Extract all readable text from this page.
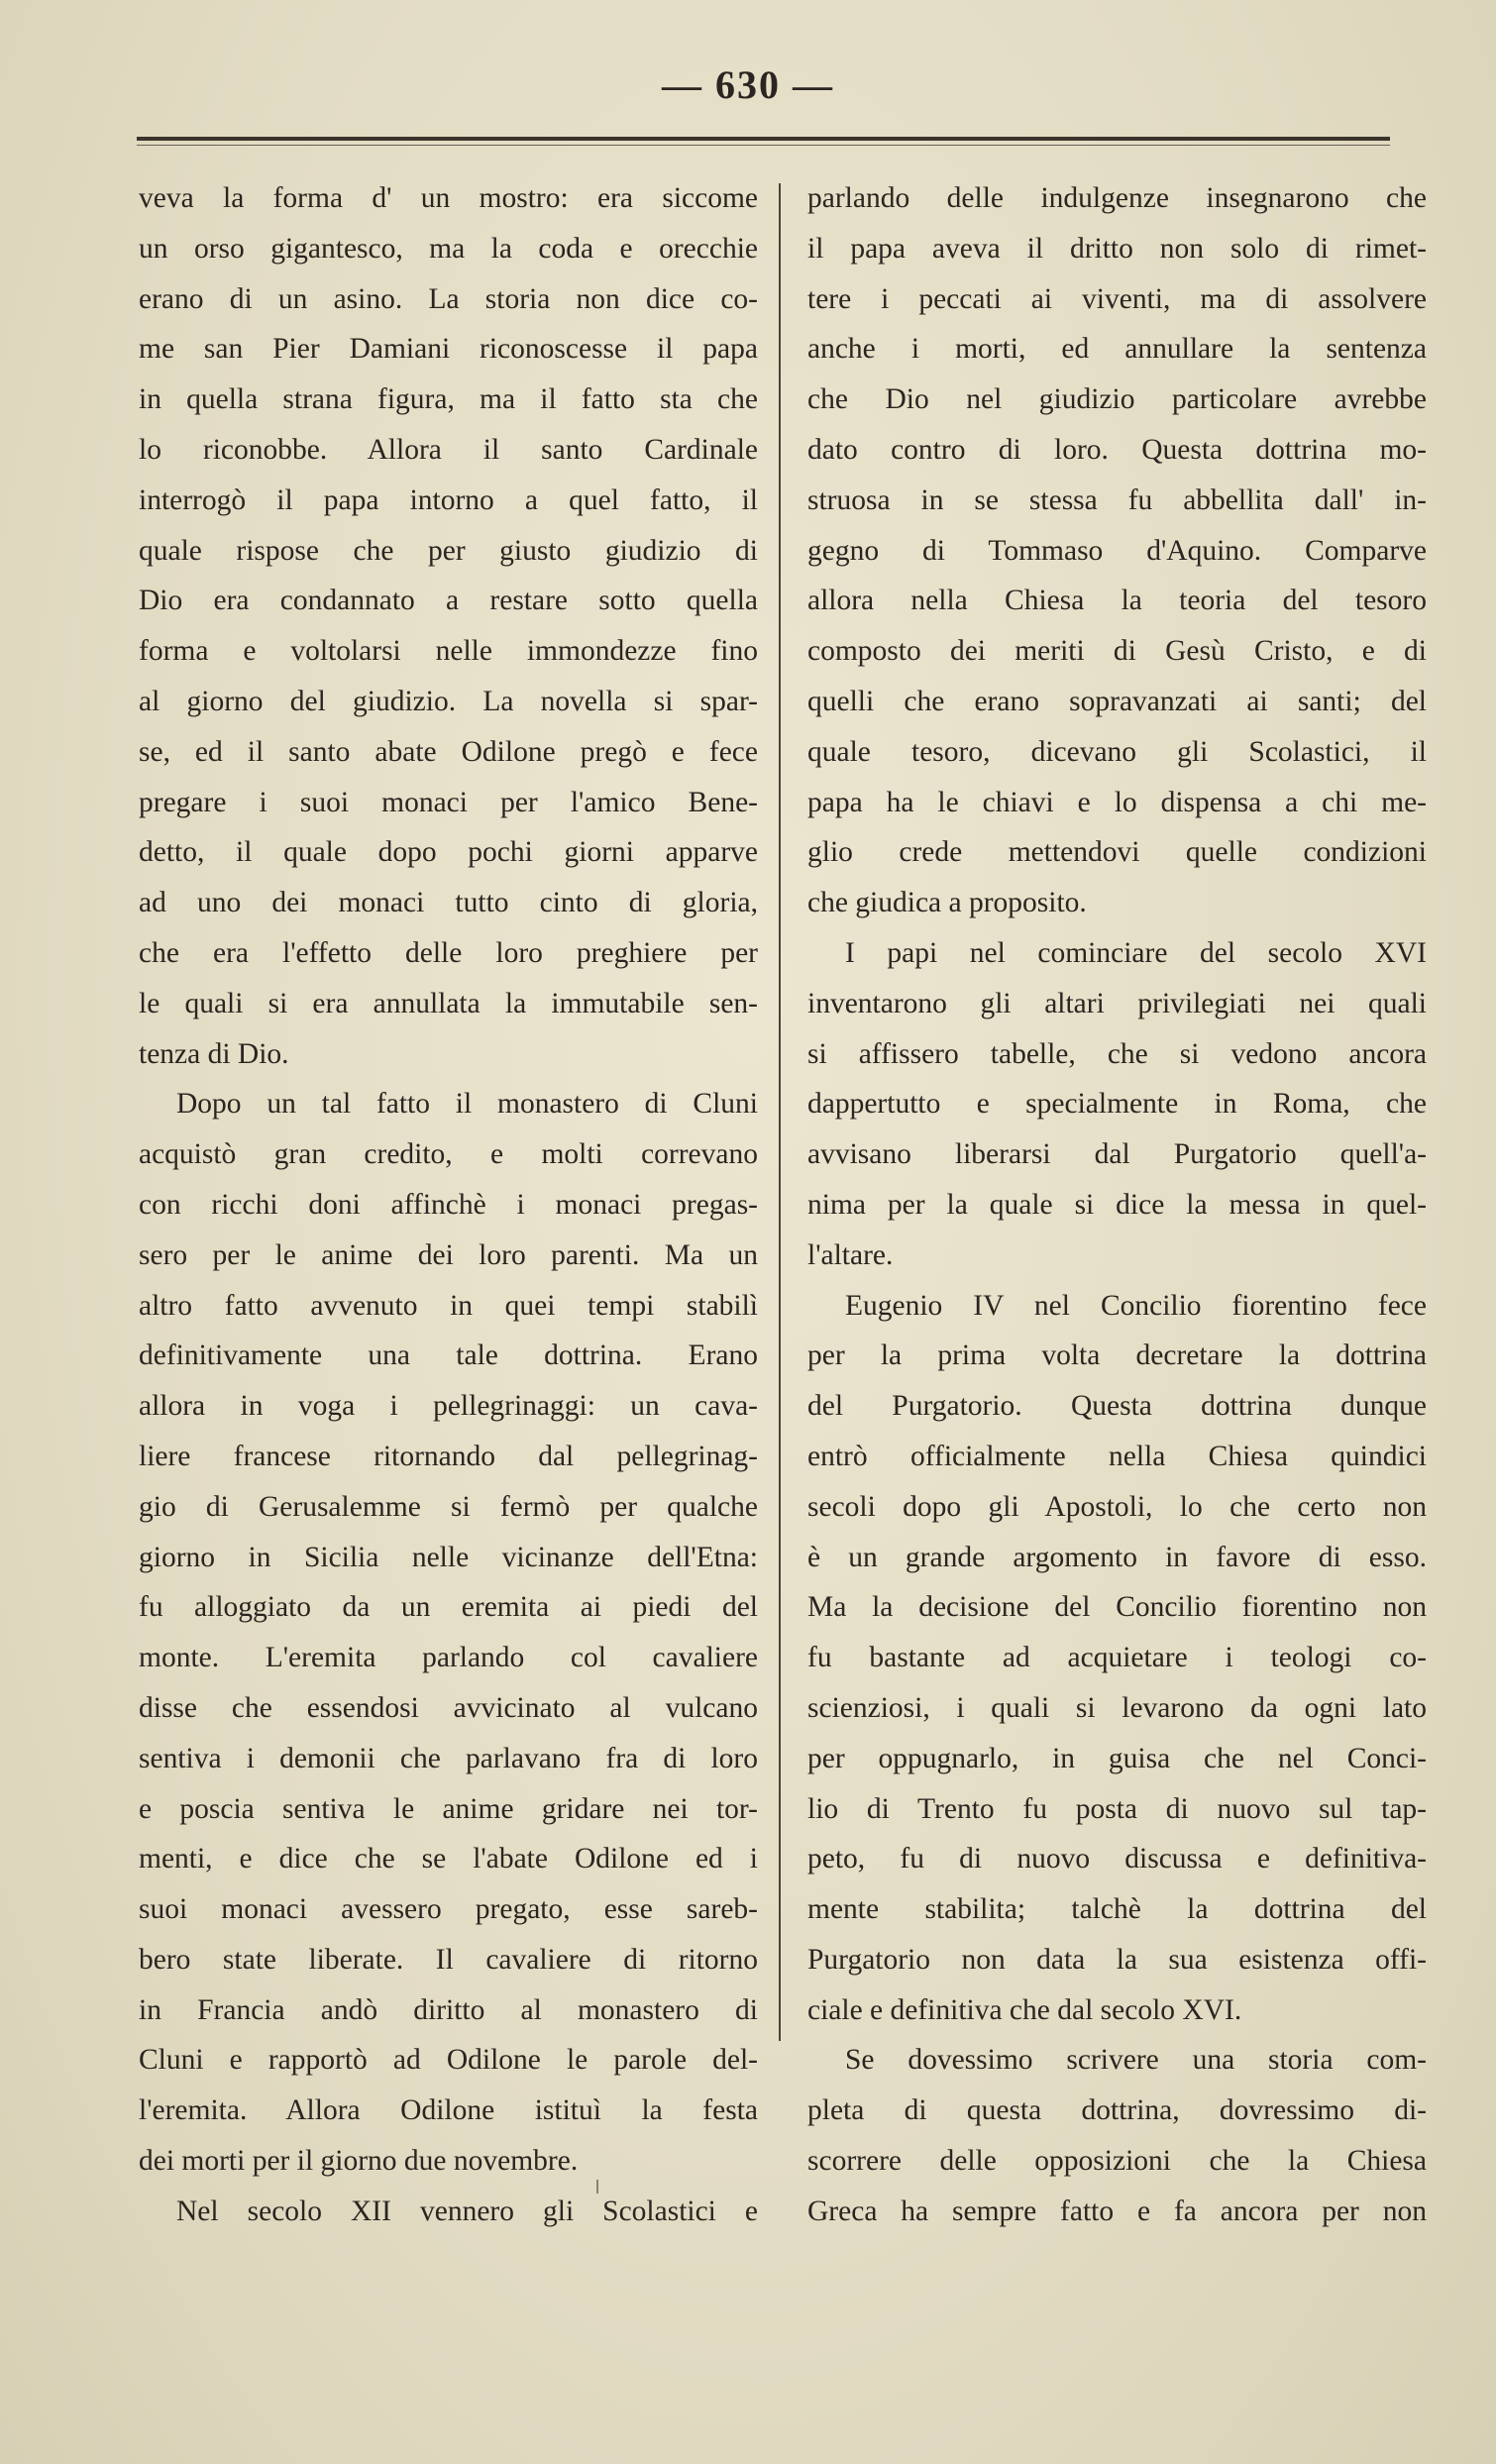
— 630 —
veva la forma d' un mostro: era siccome
un orso gigantesco, ma la coda e orecchie
erano di un asino. La storia non dice co-
me san Pier Damiani riconoscesse il papa
in quella strana figura, ma il fatto sta che
lo riconobbe. Allora il santo Cardinale
interrogò il papa intorno a quel fatto, il
quale rispose che per giusto giudizio di
Dio era condannato a restare sotto quella
forma e voltolarsi nelle immondezze fino
al giorno del giudizio. La novella si spar-
se, ed il santo abate Odilone pregò e fece
pregare i suoi monaci per l'amico Bene-
detto, il quale dopo pochi giorni apparve
ad uno dei monaci tutto cinto di gloria,
che era l'effetto delle loro preghiere per
le quali si era annullata la immutabile sen-
tenza di Dio.
Dopo un tal fatto il monastero di Cluni
acquistò gran credito, e molti correvano
con ricchi doni affinchè i monaci pregas-
sero per le anime dei loro parenti. Ma un
altro fatto avvenuto in quei tempi stabilì
definitivamente una tale dottrina. Erano
allora in voga i pellegrinaggi: un cava-
liere francese ritornando dal pellegrinag-
gio di Gerusalemme si fermò per qualche
giorno in Sicilia nelle vicinanze dell'Etna:
fu alloggiato da un eremita ai piedi del
monte. L'eremita parlando col cavaliere
disse che essendosi avvicinato al vulcano
sentiva i demonii che parlavano fra di loro
e poscia sentiva le anime gridare nei tor-
menti, e dice che se l'abate Odilone ed i
suoi monaci avessero pregato, esse sareb-
bero state liberate. Il cavaliere di ritorno
in Francia andò diritto al monastero di
Cluni e rapportò ad Odilone le parole del-
l'eremita. Allora Odilone istituì la festa
dei morti per il giorno due novembre.
Nel secolo XII vennero gli Scolastici e
parlando delle indulgenze insegnarono che
il papa aveva il dritto non solo di rimet-
tere i peccati ai viventi, ma di assolvere
anche i morti, ed annullare la sentenza
che Dio nel giudizio particolare avrebbe
dato contro di loro. Questa dottrina mo-
struosa in se stessa fu abbellita dall' in-
gegno di Tommaso d'Aquino. Comparve
allora nella Chiesa la teoria del tesoro
composto dei meriti di Gesù Cristo, e di
quelli che erano sopravanzati ai santi; del
quale tesoro, dicevano gli Scolastici, il
papa ha le chiavi e lo dispensa a chi me-
glio crede mettendovi quelle condizioni
che giudica a proposito.
I papi nel cominciare del secolo XVI
inventarono gli altari privilegiati nei quali
si affissero tabelle, che si vedono ancora
dappertutto e specialmente in Roma, che
avvisano liberarsi dal Purgatorio quell'a-
nima per la quale si dice la messa in quel-
l'altare.
Eugenio IV nel Concilio fiorentino fece
per la prima volta decretare la dottrina
del Purgatorio. Questa dottrina dunque
entrò officialmente nella Chiesa quindici
secoli dopo gli Apostoli, lo che certo non
è un grande argomento in favore di esso.
Ma la decisione del Concilio fiorentino non
fu bastante ad acquietare i teologi co-
scienziosi, i quali si levarono da ogni lato
per oppugnarlo, in guisa che nel Conci-
lio di Trento fu posta di nuovo sul tap-
peto, fu di nuovo discussa e definitiva-
mente stabilita; talchè la dottrina del
Purgatorio non data la sua esistenza offi-
ciale e definitiva che dal secolo XVI.
Se dovessimo scrivere una storia com-
pleta di questa dottrina, dovressimo di-
scorrere delle opposizioni che la Chiesa
Greca ha sempre fatto e fa ancora per non
